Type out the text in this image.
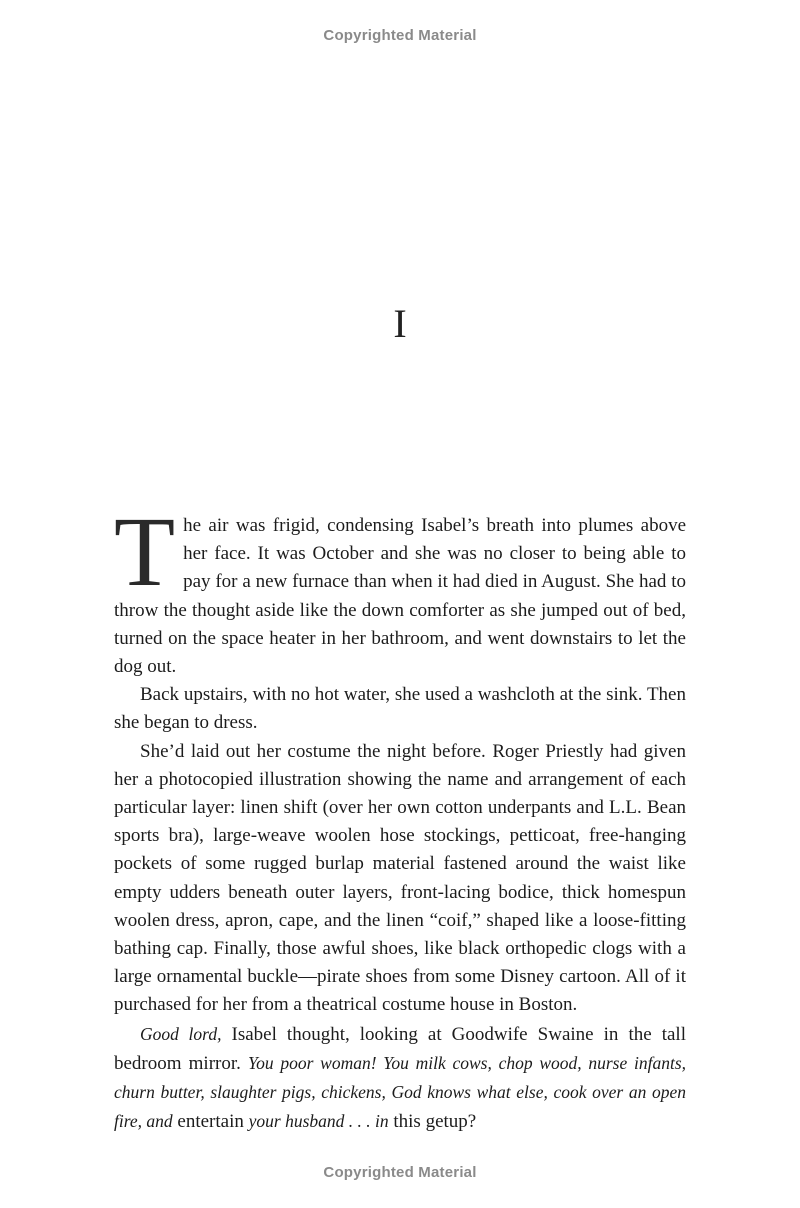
Copyrighted Material
I

The air was frigid, condensing Isabel’s breath into plumes above her face. It was October and she was no closer to being able to pay for a new furnace than when it had died in August. She had to throw the thought aside like the down comforter as she jumped out of bed, turned on the space heater in her bathroom, and went downstairs to let the dog out.

Back upstairs, with no hot water, she used a washcloth at the sink. Then she began to dress.

She’d laid out her costume the night before. Roger Priestly had given her a photocopied illustration showing the name and arrangement of each particular layer: linen shift (over her own cotton underpants and L.L. Bean sports bra), large-weave woolen hose stockings, petticoat, free-hanging pockets of some rugged burlap material fastened around the waist like empty udders beneath outer layers, front-lacing bodice, thick homespun woolen dress, apron, cape, and the linen “coif,” shaped like a loose-fitting bathing cap. Finally, those awful shoes, like black orthopedic clogs with a large ornamental buckle—pirate shoes from some Disney cartoon. All of it purchased for her from a theatrical costume house in Boston.

Good lord, Isabel thought, looking at Goodwife Swaine in the tall bedroom mirror. You poor woman! You milk cows, chop wood, nurse infants, churn butter, slaughter pigs, chickens, God knows what else, cook over an open fire, and entertain your husband . . . in this getup?

Copyrighted Material
